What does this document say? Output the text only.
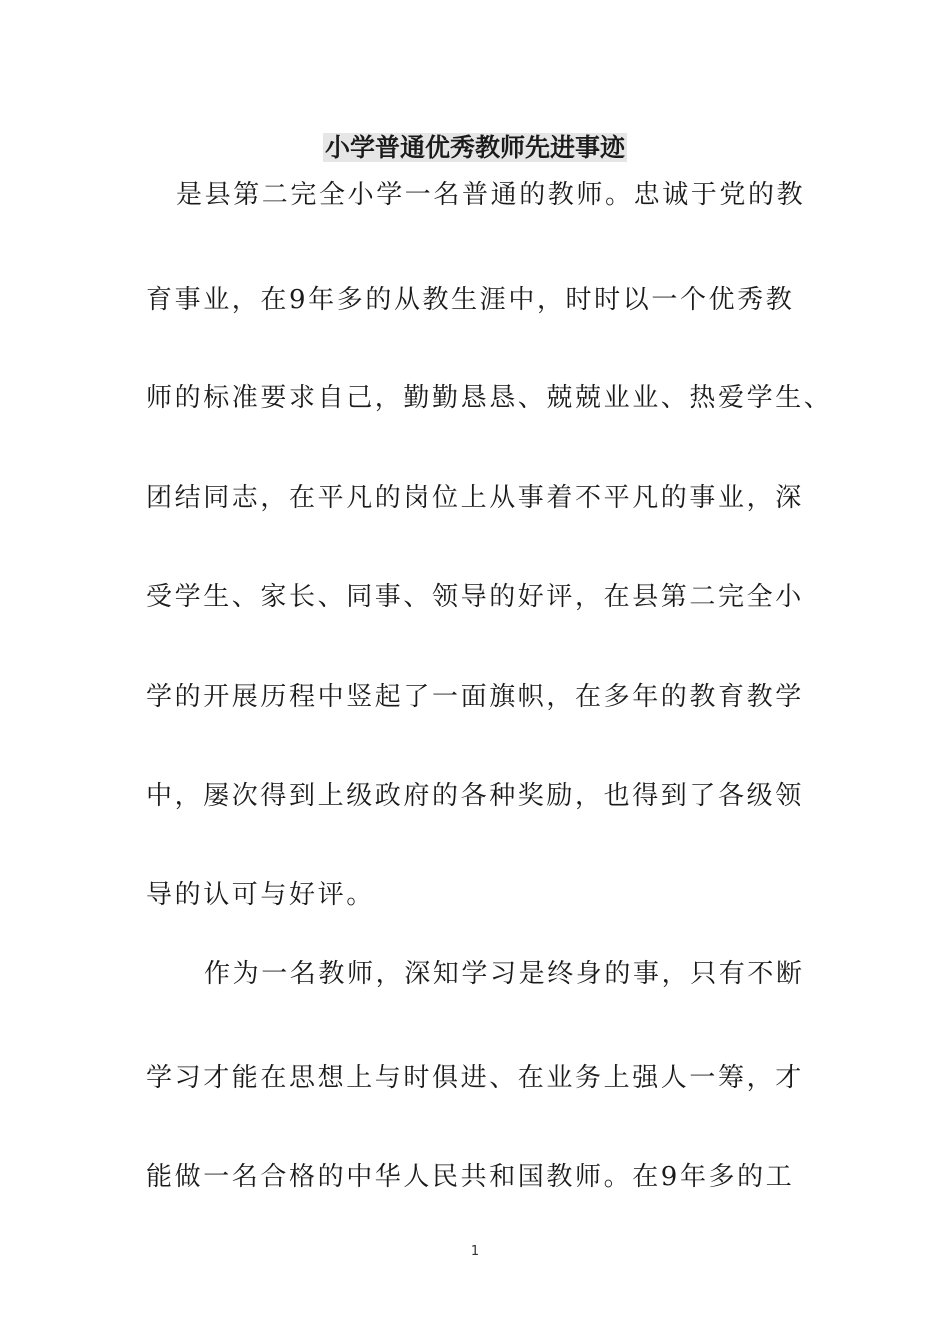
小学普通优秀教师先进事迹
是县第二完全小学一名普通的教师。忠诚于党的教
育事业，在9年多的从教生涯中，时时以一个优秀教
师的标准要求自己，勤勤恳恳、兢兢业业、热爱学生、
团结同志，在平凡的岗位上从事着不平凡的事业，深
受学生、家长、同事、领导的好评，在县第二完全小
学的开展历程中竖起了一面旗帜，在多年的教育教学
中，屡次得到上级政府的各种奖励，也得到了各级领
导的认可与好评。
作为一名教师，深知学习是终身的事，只有不断
学习才能在思想上与时俱进、在业务上强人一筹，才
能做一名合格的中华人民共和国教师。在9年多的工
1
